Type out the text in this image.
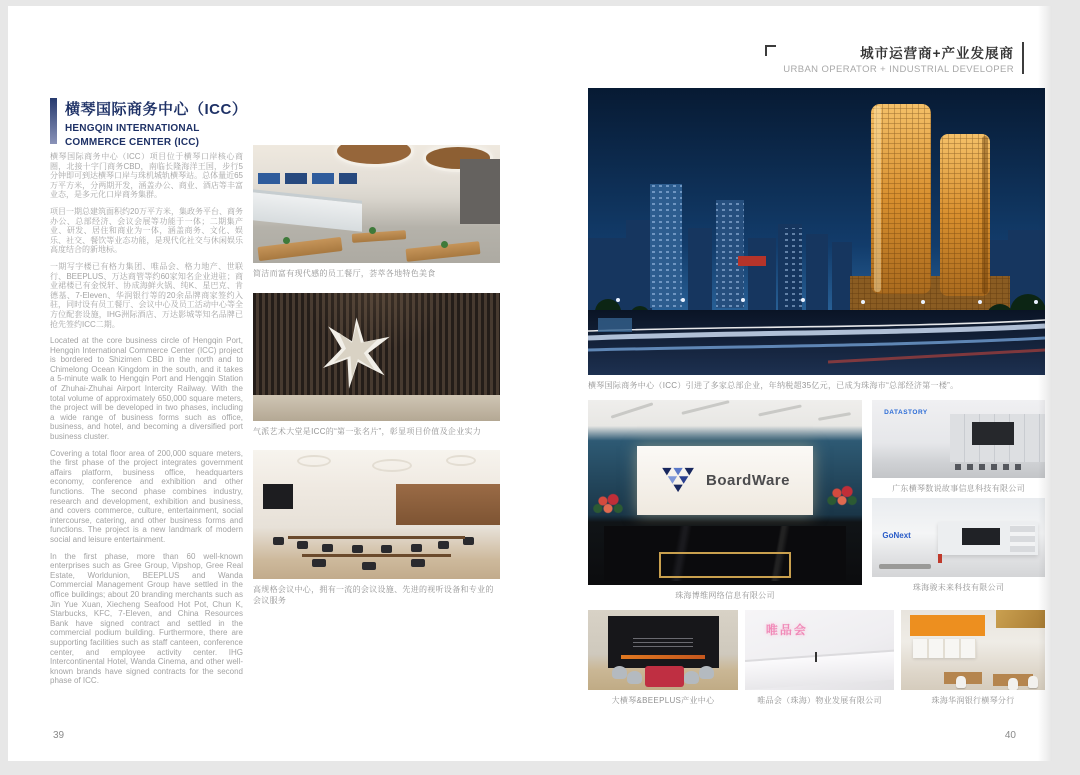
城市运营商+产业发展商
URBAN OPERATOR + INDUSTRIAL DEVELOPER
横琴国际商务中心（ICC）
HENGQIN INTERNATIONAL
COMMERCE CENTER (ICC)

横琴国际商务中心（ICC）项目位于横琴口岸核心商圈，北接十字门商务CBD，南临长隆海洋王国，步行5分钟即可到达横琴口岸与珠机城轨横琴站。总体量近65万平方米，分两期开发，涵盖办公、商业、酒店等丰富业态，是多元化口岸商务集群。

项目一期总建筑面积约20万平方米，集政务平台、商务办公、总部经济、会议会展等功能于一体；二期集产业、研发、居住和商业为一体，涵盖商务、文化、娱乐、社交、餐饮等业态功能，是现代化社交与休闲娱乐高度结合的新地标。

一期写字楼已有格力集团、唯品会、格力地产、世联行、BEEPLUS、万达商管等约60家知名企业进驻；商业裙楼已有金悦轩、协成海鲜火锅、纯K、星巴克、肯德基、7-Eleven、华润银行等的20余品牌商家签约入驻，同时设有员工餐厅、会议中心及员工活动中心等全方位配套设施，IHG洲际酒店、万达影城等知名品牌已抢先签约ICC二期。

Located at the core business circle of Hengqin Port, Hengqin International Commerce Center (ICC) project is bordered to Shizimen CBD in the north and to Chimelong Ocean Kingdom in the south, and it takes a 5-minute walk to Hengqin Port and Hengqin Station of Zhuhai-Zhuhai Airport Intercity Railway. With the total volume of approximately 650,000 square meters, the project will be developed in two phases, including a wide range of business forms such as office, business, and hotel, and becoming a diversified port business cluster.

Covering a total floor area of 200,000 square meters, the first phase of the project integrates government affairs platform, business office, headquarters economy, conference and exhibition and other functions. The second phase combines industry, research and development, exhibition and business, and covers commerce, culture, entertainment, social intercourse, catering, and other business forms and functions. The project is a new landmark of modern social and leisure entertainment.

In the first phase, more than 60 well-known enterprises such as Gree Group, Vipshop, Gree Real Estate, Worldunion, BEEPLUS and Wanda Commercial Management Group have settled in the office buildings; about 20 branding merchants such as Jin Yue Xuan, Xiecheng Seafood Hot Pot, Chun K, Starbucks, KFC, 7-Eleven, and China Resources Bank have signed contract and settled in the commercial podium building. Furthermore, there are supporting facilities such as staff canteen, conference center, and employee activity center. IHG Intercontinental Hotel, Wanda Cinema, and other well-known brands have signed contracts for the second phase of ICC.

简洁而富有现代感的员工餐厅，荟萃各地特色美食
气派艺术大堂是ICC的“第一张名片”，彰显项目价值及企业实力
高规格会议中心，拥有一流的会议设施、先进的视听设备和专业的会议服务
横琴国际商务中心（ICC）引进了多家总部企业，年纳税超35亿元，已成为珠海市“总部经济第一楼”。
BoardWare
珠海博维网络信息有限公司
DATASTORY
广东横琴数说故事信息科技有限公司
GoNext
珠海骏未来科技有限公司
大横琴&BEEPLUS产业中心
唯品会
唯品会（珠海）物业发展有限公司	珠海华润银行横琴分行
39	40
